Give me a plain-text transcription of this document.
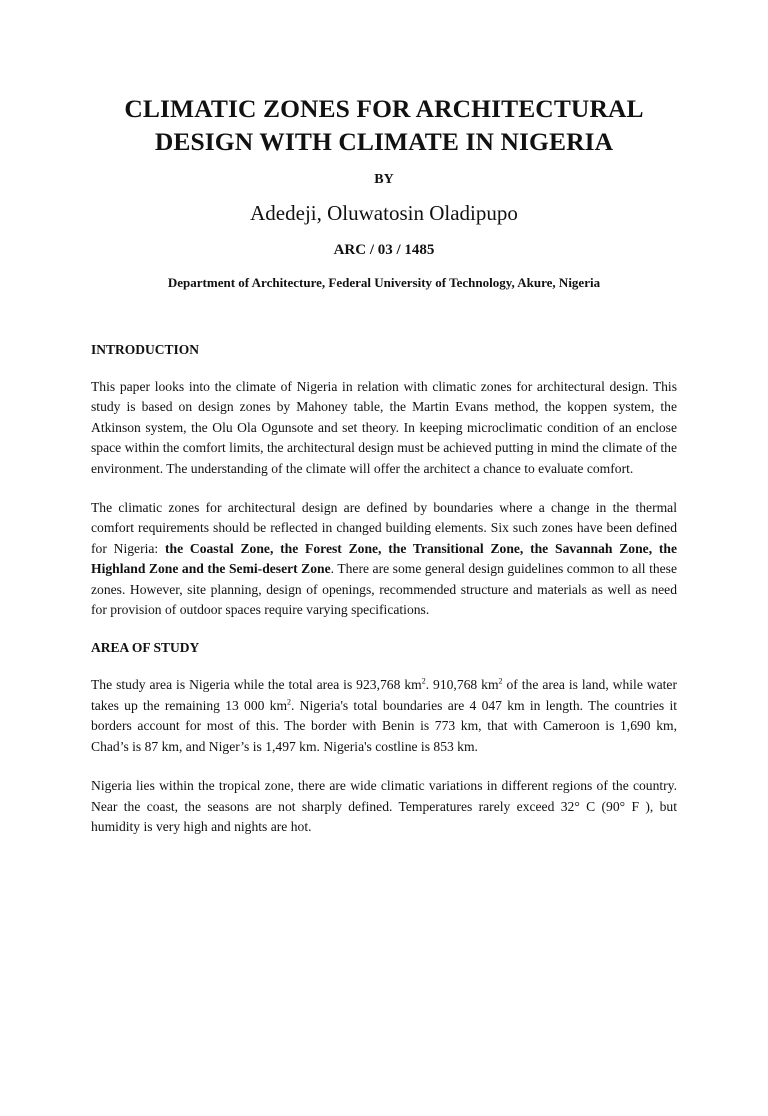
CLIMATIC ZONES FOR ARCHITECTURAL
DESIGN WITH CLIMATE IN NIGERIA
BY
Adedeji, Oluwatosin Oladipupo
ARC / 03 / 1485
Department of Architecture, Federal University of Technology, Akure, Nigeria
INTRODUCTION

This paper looks into the climate of Nigeria in relation with climatic zones for architectural design. This study is based on design zones by Mahoney table, the Martin Evans method, the koppen system, the Atkinson system, the Olu Ola Ogunsote and set theory. In keeping microclimatic condition of an enclose space within the comfort limits, the architectural design must be achieved putting in mind the climate of the environment. The understanding of the climate will offer the architect a chance to evaluate comfort.

The climatic zones for architectural design are defined by boundaries where a change in the thermal comfort requirements should be reflected in changed building elements. Six such zones have been defined for Nigeria: the Coastal Zone, the Forest Zone, the Transitional Zone, the Savannah Zone, the Highland Zone and the Semi-desert Zone. There are some general design guidelines common to all these zones. However, site planning, design of openings, recommended structure and materials as well as need for provision of outdoor spaces require varying specifications.

AREA OF STUDY

The study area is Nigeria while the total area is 923,768 $km^2$. 910,768 $km^2$ of the area is land, while water takes up the remaining 13 000 $km^2$. Nigeria's total boundaries are 4 047 km in length. The countries it borders account for most of this. The border with Benin is 773 km, that with Cameroon is 1,690 km, Chad’s is 87 km, and Niger’s is 1,497 km. Nigeria's costline is 853 km.

Nigeria lies within the tropical zone, there are wide climatic variations in different regions of the country. Near the coast, the seasons are not sharply defined. Temperatures rarely exceed 32° C (90° F ), but humidity is very high and nights are hot.
